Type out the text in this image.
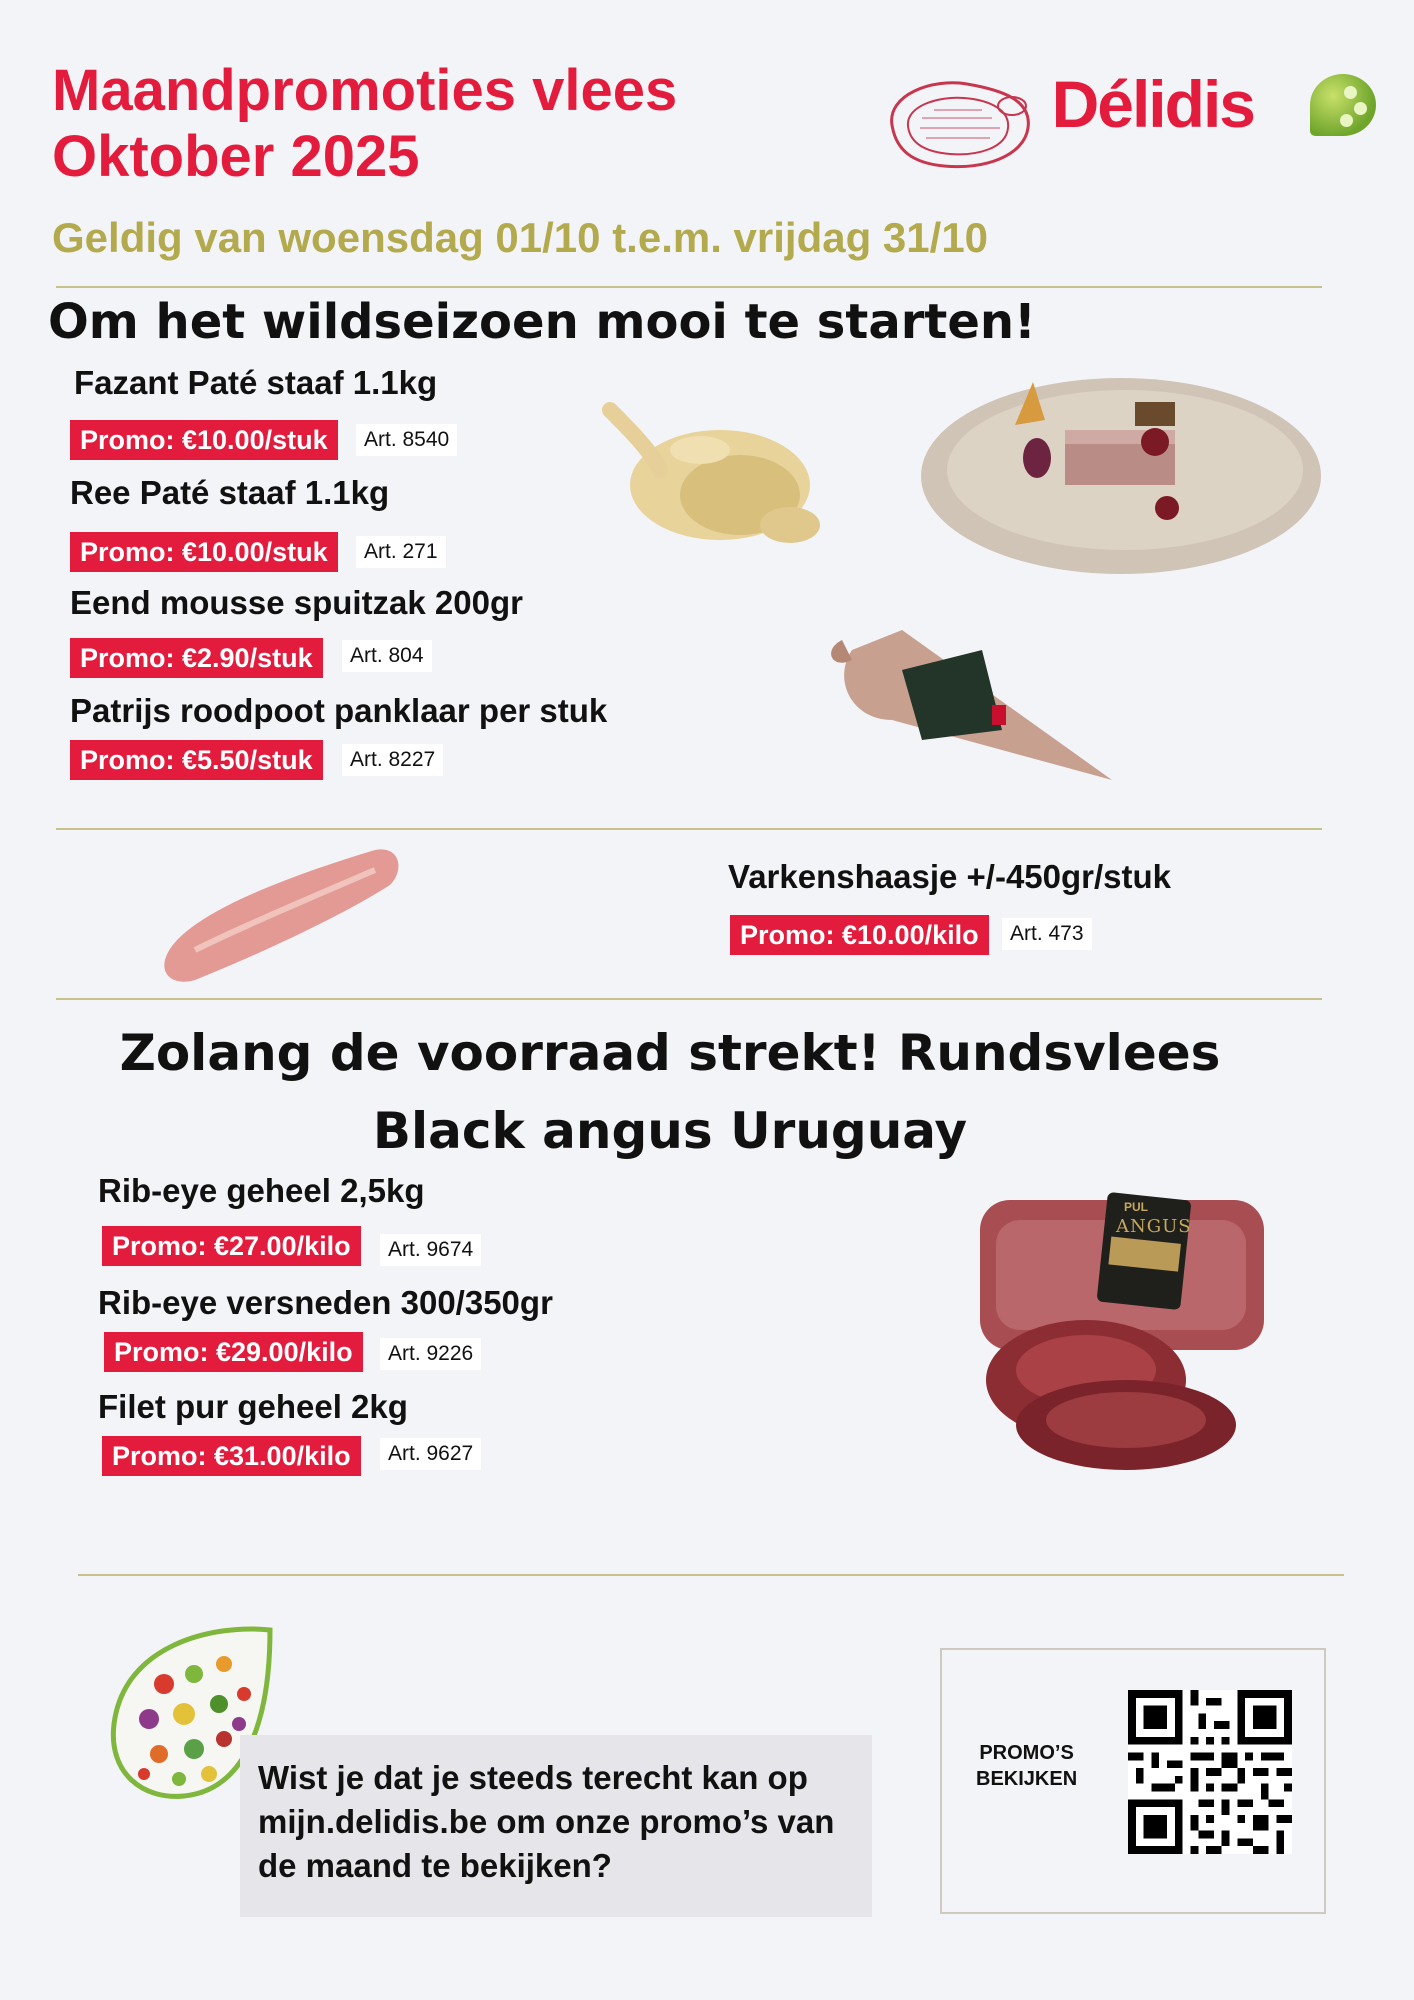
Maandpromoties vlees
Oktober 2025
Délidis
Geldig van woensdag 01/10 t.e.m. vrijdag 31/10
Om het wildseizoen mooi te starten!
Fazant Paté staaf 1.1kg
Promo: €10.00/stuk	Art. 8540
Ree Paté staaf 1.1kg
Promo: €10.00/stuk	Art. 271
Eend mousse spuitzak 200gr
Promo: €2.90/stuk	Art. 804
Patrijs roodpoot panklaar per stuk
Promo: €5.50/stuk	Art. 8227
Varkenshaasje +/-450gr/stuk
Promo: €10.00/kilo	Art. 473
Zolang de voorraad strekt! Rundsvlees
Black angus Uruguay
Rib-eye geheel 2,5kg
Promo: €27.00/kilo	Art. 9674
Rib-eye versneden 300/350gr
Promo: €29.00/kilo	Art. 9226
Filet pur geheel 2kg
Promo: €31.00/kilo	Art. 9627
PUL
ANGUS
Wist je dat je steeds terecht kan op mijn.delidis.be om onze promo’s van de maand te bekijken?
PROMO’S
BEKIJKEN
